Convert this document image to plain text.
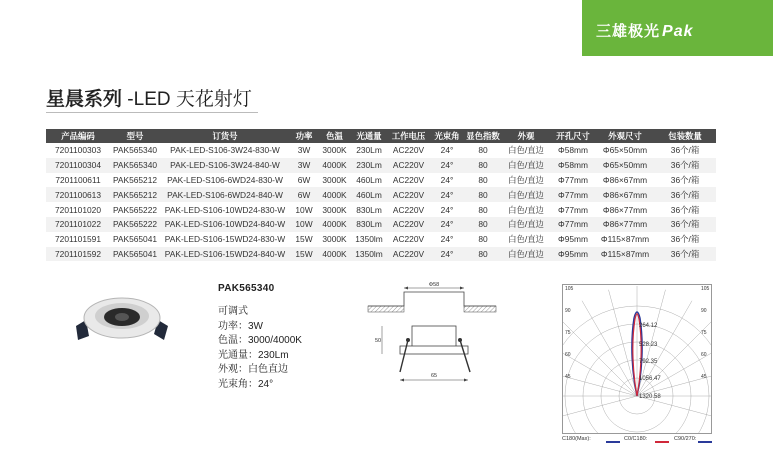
三雄极光 Pak
星晨系列 -LED 天花射灯
产品编码	型号	订货号	功率	色温	光通量	工作电压	光束角	显色指数	外观	开孔尺寸	外观尺寸	包装数量
7201100303	PAK565340	PAK-LED-S106-3W24-830-W	3W	3000K	230Lm	AC220V	24°	80	白色/直边	Φ58mm	Φ65×50mm	36个/箱
7201100304	PAK565340	PAK-LED-S106-3W24-840-W	3W	4000K	230Lm	AC220V	24°	80	白色/直边	Φ58mm	Φ65×50mm	36个/箱
7201100611	PAK565212	PAK-LED-S106-6WD24-830-W	6W	3000K	460Lm	AC220V	24°	80	白色/直边	Φ77mm	Φ86×67mm	36个/箱
7201100613	PAK565212	PAK-LED-S106-6WD24-840-W	6W	4000K	460Lm	AC220V	24°	80	白色/直边	Φ77mm	Φ86×67mm	36个/箱
7201101020	PAK565222	PAK-LED-S106-10WD24-830-W	10W	3000K	830Lm	AC220V	24°	80	白色/直边	Φ77mm	Φ86×77mm	36个/箱
7201101022	PAK565222	PAK-LED-S106-10WD24-840-W	10W	4000K	830Lm	AC220V	24°	80	白色/直边	Φ77mm	Φ86×77mm	36个/箱
7201101591	PAK565041	PAK-LED-S106-15WD24-830-W	15W	3000K	1350lm	AC220V	24°	80	白色/直边	Φ95mm	Φ115×87mm	36个/箱
7201101592	PAK565041	PAK-LED-S106-15WD24-840-W	15W	4000K	1350lm	AC220V	24°	80	白色/直边	Φ95mm	Φ115×87mm	36个/箱
PAK565340
可调式
功率：3W
色温：3000/4000K
光通量：230Lm
外观：白色直边
光束角：24°
Φ58
50
65
105	105
90	90
75	75
60	60
45	45
264.12
528.23
792.35
1056.47
1320.58
C180(Max):	C0/C180:	C90/270:
